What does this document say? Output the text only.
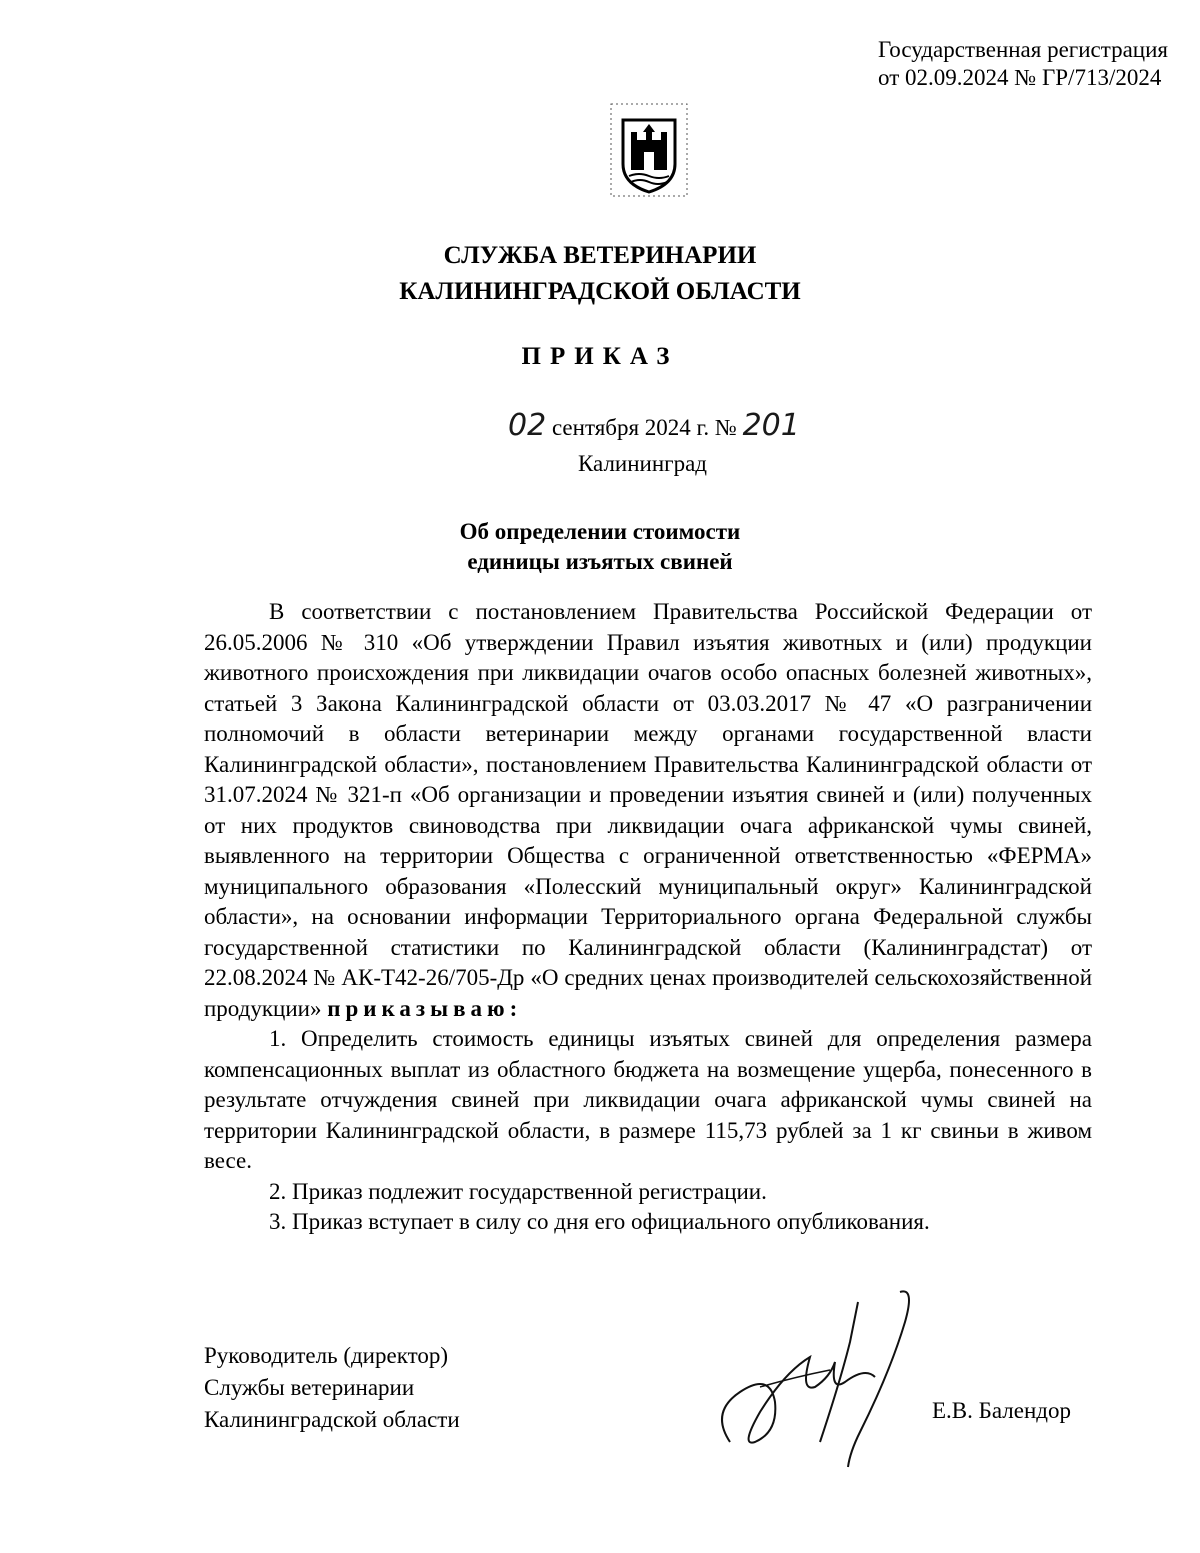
Государственная регистрация
от 02.09.2024 № ГР/713/2024
СЛУЖБА ВЕТЕРИНАРИИ
КАЛИНИНГРАДСКОЙ ОБЛАСТИ
ПРИКАЗ
02 сентября 2024 г. № 201
Калининград
Об определении стоимости
единицы изъятых свиней

В соответствии с постановлением Правительства Российской Федерации от 26.05.2006 № 310 «Об утверждении Правил изъятия животных и (или) продукции животного происхождения при ликвидации очагов особо опасных болезней животных», статьей 3 Закона Калининградской области от 03.03.2017 № 47 «О разграничении полномочий в области ветеринарии между органами государственной власти Калининградской области», постановлением Правительства Калининградской области от 31.07.2024 № 321-п «Об организации и проведении изъятия свиней и (или) полученных от них продуктов свиноводства при ликвидации очага африканской чумы свиней, выявленного на территории Общества с ограниченной ответственностью «ФЕРМА» муниципального образования «Полесский муниципальный округ» Калининградской области», на основании информации Территориального органа Федеральной службы государственной статистики по Калининградской области (Калининградстат) от 22.08.2024 № АК-Т42-26/705-Др «О средних ценах производителей сельскохозяйственной продукции» приказываю:

1. Определить стоимость единицы изъятых свиней для определения размера компенсационных выплат из областного бюджета на возмещение ущерба, понесенного в результате отчуждения свиней при ликвидации очага африканской чумы свиней на территории Калининградской области, в размере 115,73 рублей за 1 кг свиньи в живом весе.

2. Приказ подлежит государственной регистрации.

3. Приказ вступает в силу со дня его официального опубликования.

Руководитель (директор)
Службы ветеринарии
Калининградской области	Е.В. Балендор
